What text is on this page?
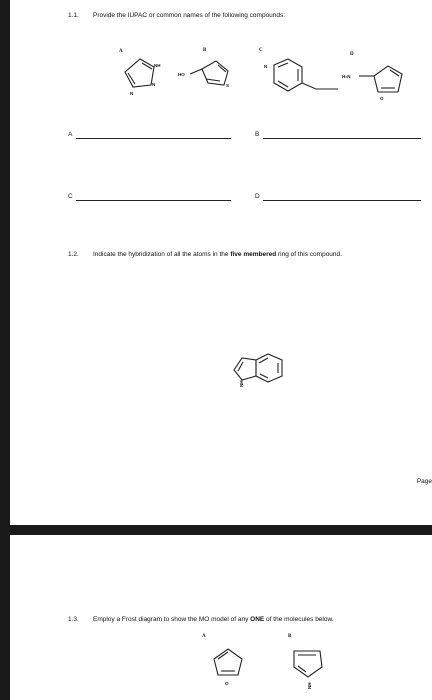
1.1. Provide the IUPAC or common names of the following compounds:
A	B	C
D
NH
N
N
HO
S
N
H₂N
O
A	B
C	D
1.2. Indicate the hybridization of all the atoms in the five membered ring of this compound.
NH
Page
1.3. Employ a Frost diagram to show the MO model of any ONE of the molecules below.
A	B
O	NH
